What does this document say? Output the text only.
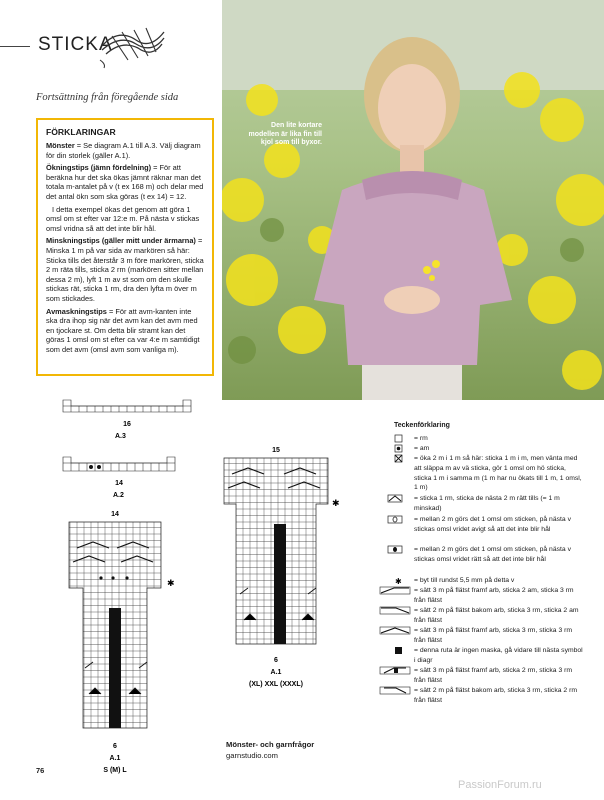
STICKA
Fortsättning från föregående sida
FÖRKLARINGAR

Mönster = Se diagram A.1 till A.3. Välj diagram för din storlek (gäller A.1).

Ökningstips (jämn fördelning) = För att beräkna hur det ska ökas jämnt räknar man det totala m-antalet på v (t ex 168 m) och delar med det antal ökn som ska göras (t ex 14) = 12.

I detta exempel ökas det genom att göra 1 omsl om st efter var 12:e m. På nästa v stickas omsl vridna så att det inte blir hål.

Minskningstips (gäller mitt under ärmarna) = Minska 1 m på var sida av markören så här: Sticka tills det återstår 3 m före markören, sticka 2 m räta tills, sticka 2 rm (markören sitter mellan dessa 2 m), lyft 1 m av st som om den skulle stickas rät, sticka 1 rm, dra den lyfta m över m som stickades.

Avmaskningstips = För att avm-kanten inte ska dra ihop sig när det avm kan det avm med en tjockare st. Om detta blir stramt kan det göras 1 omsl om st efter ca var 4:e m samtidigt som det avm (omsl avm som vanliga m).

Den lite kortare modellen är lika fin till kjol som till byxor.
16
A.3
14
A.2
14
✱
6
A.1
S (M) L
15
✱
6
A.1
(XL) XXL (XXXL)
Teckenförklaring
= rm
= am
= öka 2 m i 1 m så här: sticka 1 m i m, men vänta med att släppa m av vä sticka, gör 1 omsl om hö sticka, sticka 1 m i samma m (1 m har nu ökats till 1 m, 1 omsl, 1 m)
= sticka 1 rm, sticka de nästa 2 m rätt tills (= 1 m minskad)
= mellan 2 m görs det 1 omsl om sticken, på nästa v stickas omsl vridet avigt så att det inte blir hål
= mellan 2 m görs det 1 omsl om sticken, på nästa v stickas omsl vridet rätt så att det inte blir hål
✱ = byt till rundst 5,5 mm på detta v
= sätt 3 m på flätst framf arb, sticka 2 am, sticka 3 rm från flätst
= sätt 2 m på flätst bakom arb, sticka 3 rm, sticka 2 am från flätst
= sätt 3 m på flätst framf arb, sticka 3 rm, sticka 3 rm från flätst
= denna ruta är ingen maska, gå vidare till nästa symbol i diagr
= sätt 3 m på flätst framf arb, sticka 2 rm, sticka 3 rm från flätst
= sätt 2 m på flätst bakom arb, sticka 3 rm, sticka 2 rm från flätst
Mönster- och garnfrågor
garnstudio.com
76
PassionForum.ru
